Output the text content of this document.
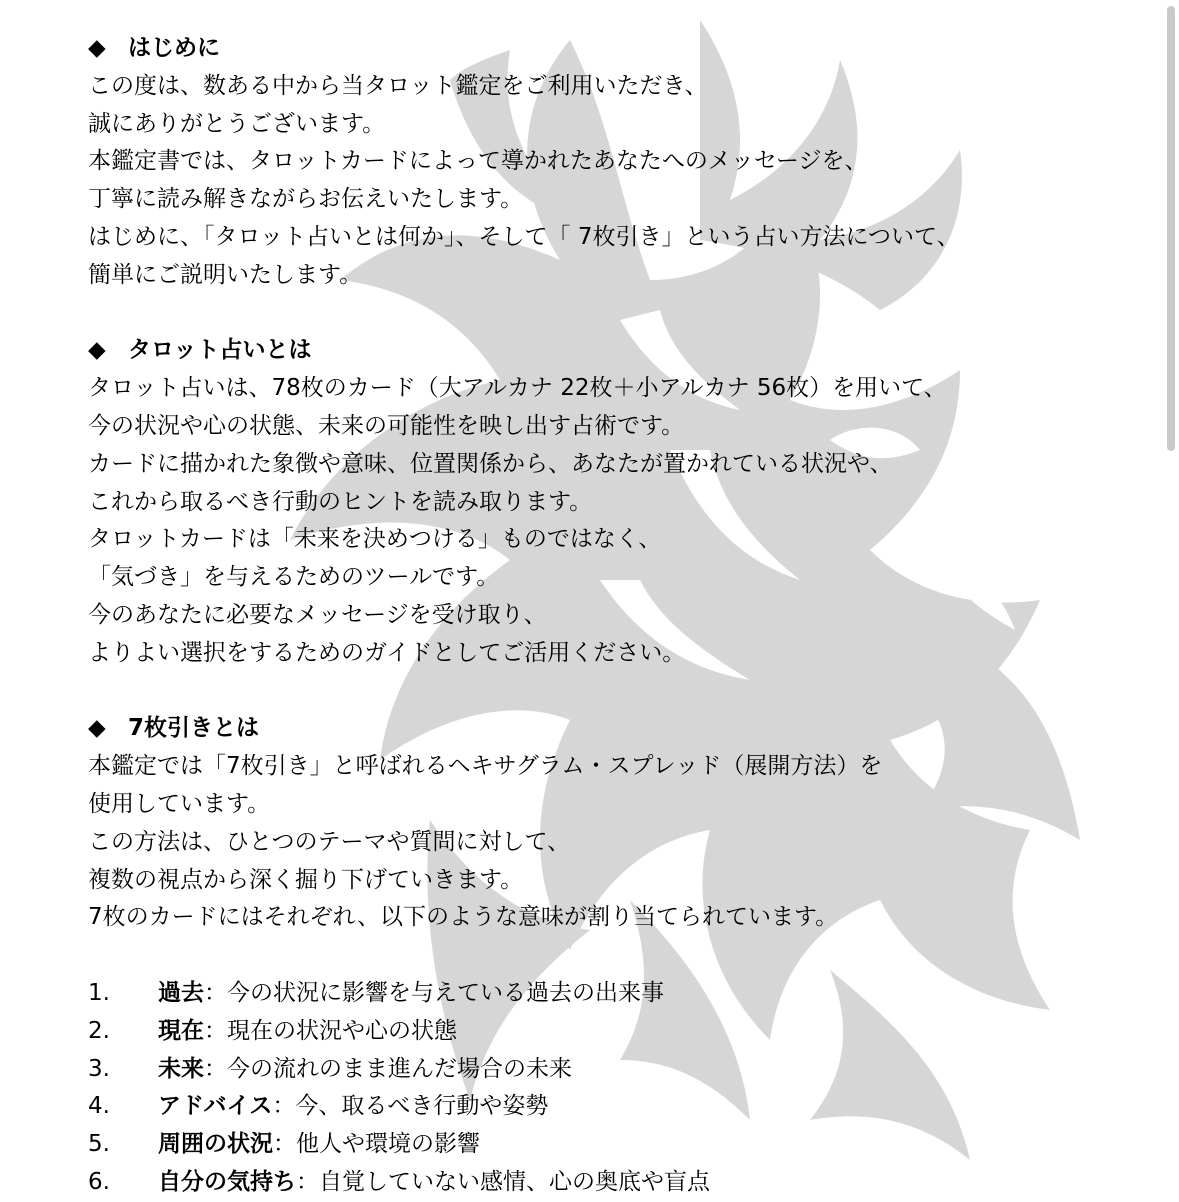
◆ はじめに
この度は、数ある中から当タロット鑑定をご利用いただき、
誠にありがとうございます。
本鑑定書では、タロットカードによって導かれたあなたへのメッセージを、
丁寧に読み解きながらお伝えいたします。
はじめに、「タロット占いとは何か」、そして「 7枚引き」という占い方法について、
簡単にご説明いたします。
◆ タロット占いとは
タロット占いは、78枚のカード（大アルカナ 22枚＋小アルカナ 56枚）を用いて、
今の状況や心の状態、未来の可能性を映し出す占術です。
カードに描かれた象徴や意味、位置関係から、あなたが置かれている状況や、
これから取るべき行動のヒントを読み取ります。
タロットカードは「未来を決めつける」ものではなく、
「気づき」を与えるためのツールです。
今のあなたに必要なメッセージを受け取り、
よりよい選択をするためのガイドとしてご活用ください。
◆ 7枚引きとは
本鑑定では「7枚引き」と呼ばれるヘキサグラム・スプレッド（展開方法）を
使用しています。
この方法は、ひとつのテーマや質問に対して、
複数の視点から深く掘り下げていきます。
7枚のカードにはそれぞれ、以下のような意味が割り当てられています。
1.	過去 ：今の状況に影響を与えている過去の出来事
2.	現在 ：現在の状況や心の状態
3.	未来 ：今の流れのまま進んだ場合の未来
4.	アドバイス ：今、取るべき行動や姿勢
5.	周囲の状況 ：他人や環境の影響
6.	自分の気持ち ：自覚していない感情、心の奥底や盲点
